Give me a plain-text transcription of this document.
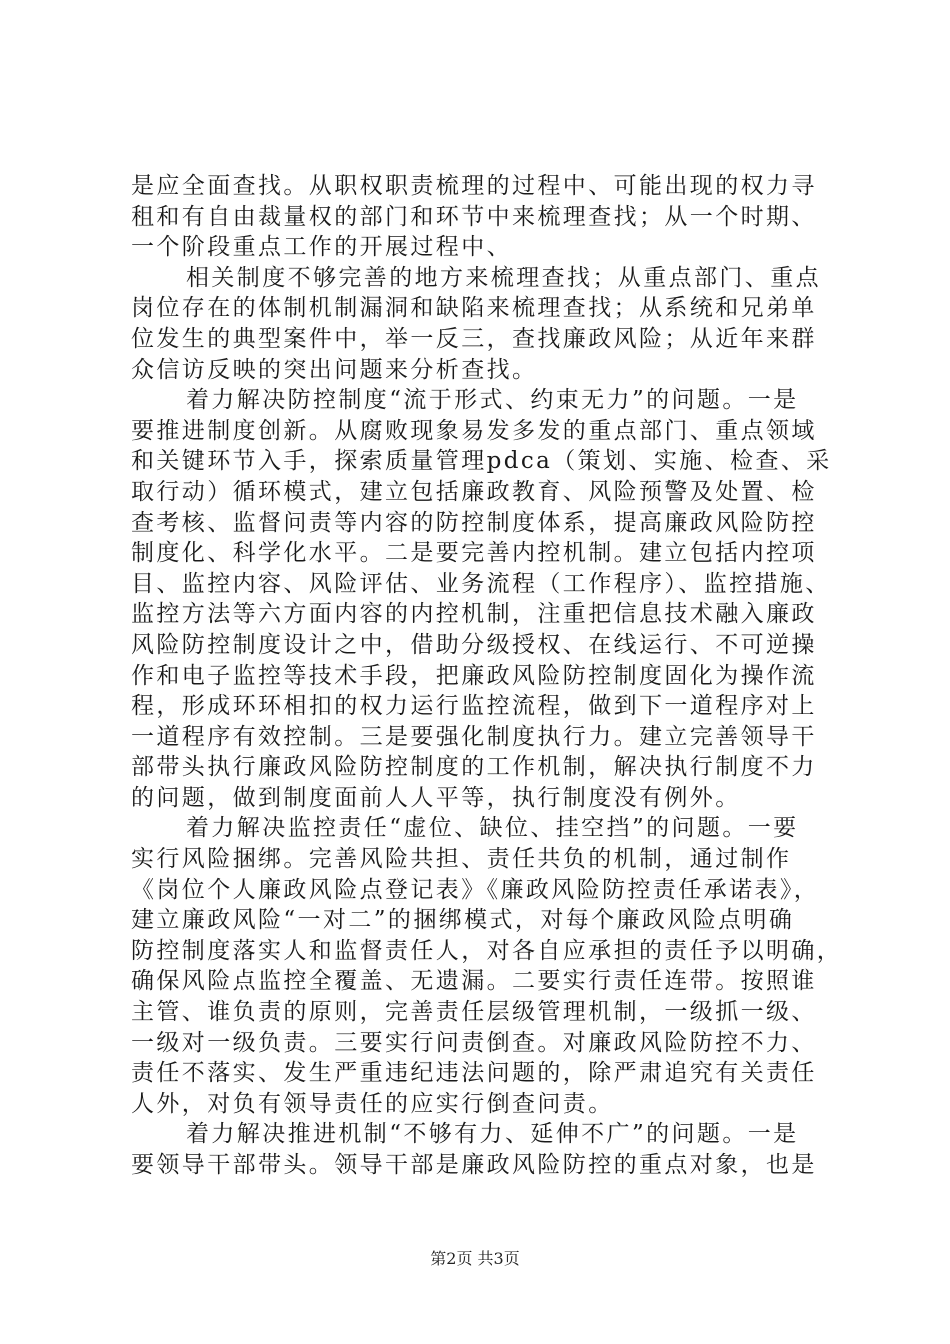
是应全面查找。从职权职责梳理的过程中、可能出现的权力寻
租和有自由裁量权的部门和环节中来梳理查找；从一个时期、
一个阶段重点工作的开展过程中、
相关制度不够完善的地方来梳理查找；从重点部门、重点
岗位存在的体制机制漏洞和缺陷来梳理查找；从系统和兄弟单
位发生的典型案件中，举一反三，查找廉政风险；从近年来群
众信访反映的突出问题来分析查找。
着力解决防控制度“流于形式、约束无力”的问题。一是
要推进制度创新。从腐败现象易发多发的重点部门、重点领域
和关键环节入手，探索质量管理pdca（策划、实施、检查、采
取行动）循环模式，建立包括廉政教育、风险预警及处置、检
查考核、监督问责等内容的防控制度体系，提高廉政风险防控
制度化、科学化水平。二是要完善内控机制。建立包括内控项
目、监控内容、风险评估、业务流程（工作程序）、监控措施、
监控方法等六方面内容的内控机制，注重把信息技术融入廉政
风险防控制度设计之中，借助分级授权、在线运行、不可逆操
作和电子监控等技术手段，把廉政风险防控制度固化为操作流
程，形成环环相扣的权力运行监控流程，做到下一道程序对上
一道程序有效控制。三是要强化制度执行力。建立完善领导干
部带头执行廉政风险防控制度的工作机制，解决执行制度不力
的问题，做到制度面前人人平等，执行制度没有例外。
着力解决监控责任“虚位、缺位、挂空挡”的问题。一要
实行风险捆绑。完善风险共担、责任共负的机制，通过制作
《岗位个人廉政风险点登记表》《廉政风险防控责任承诺表》，
建立廉政风险“一对二”的捆绑模式，对每个廉政风险点明确
防控制度落实人和监督责任人，对各自应承担的责任予以明确，
确保风险点监控全覆盖、无遗漏。二要实行责任连带。按照谁
主管、谁负责的原则，完善责任层级管理机制，一级抓一级、
一级对一级负责。三要实行问责倒查。对廉政风险防控不力、
责任不落实、发生严重违纪违法问题的，除严肃追究有关责任
人外，对负有领导责任的应实行倒查问责。
着力解决推进机制“不够有力、延伸不广”的问题。一是
要领导干部带头。领导干部是廉政风险防控的重点对象，也是
第2页 共3页
